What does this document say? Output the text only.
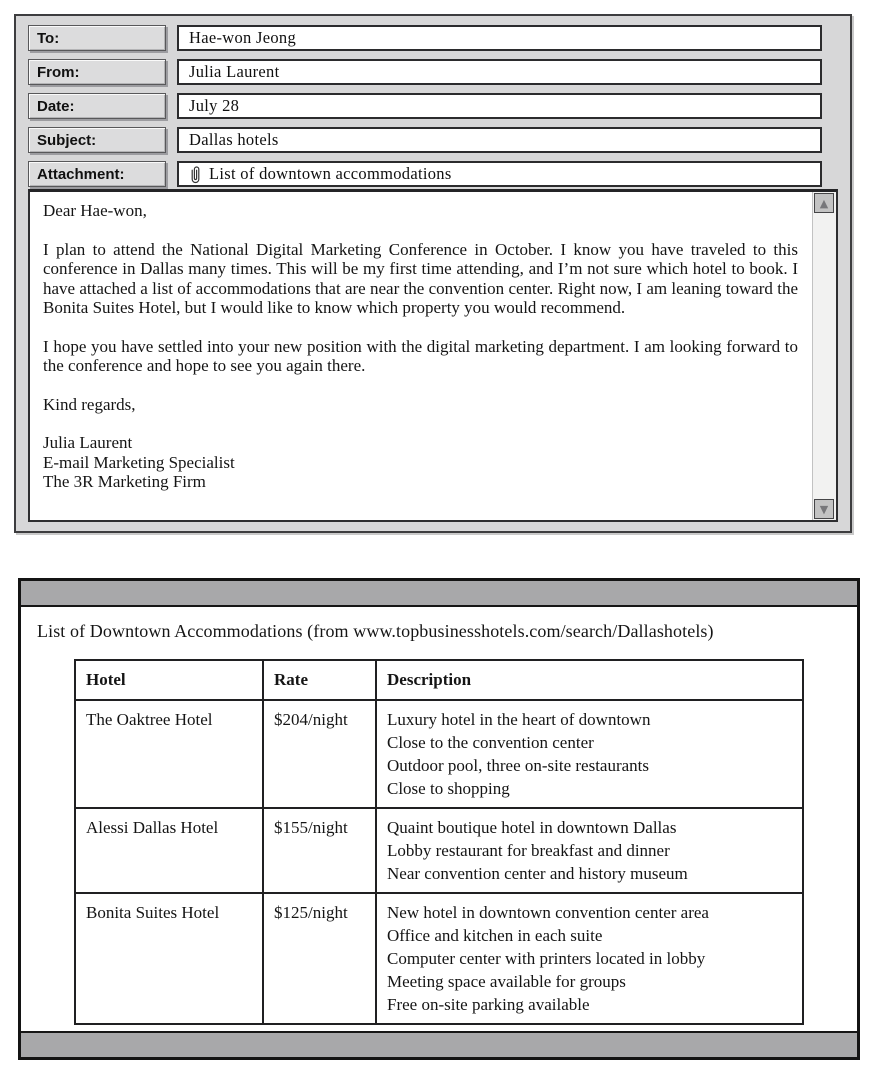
To:	Hae-won Jeong
From:	Julia Laurent
Date:	July 28
Subject:	Dallas hotels
Attachment:	List of downtown accommodations

Dear Hae-won,

I plan to attend the National Digital Marketing Conference in October. I know you have traveled to this conference in Dallas many times. This will be my first time attending, and I’m not sure which hotel to book. I have attached a list of accommodations that are near the convention center. Right now, I am leaning toward the Bonita Suites Hotel, but I would like to know which property you would recommend.

I hope you have settled into your new position with the digital marketing department. I am looking forward to the conference and hope to see you again there.

Kind regards,

Julia Laurent
E-mail Marketing Specialist
The 3R Marketing Firm
▲
▼

List of Downtown Accommodations (from www.topbusinesshotels.com/search/Dallashotels)

Hotel	Rate	Description
The Oaktree Hotel	$204/night	Luxury hotel in the heart of downtown
Close to the convention center
Outdoor pool, three on-site restaurants
Close to shopping

Alessi Dallas Hotel	$155/night	Quaint boutique hotel in downtown Dallas
Lobby restaurant for breakfast and dinner
Near convention center and history museum

Bonita Suites Hotel	$125/night	New hotel in downtown convention center area
Office and kitchen in each suite
Computer center with printers located in lobby
Meeting space available for groups
Free on-site parking available
